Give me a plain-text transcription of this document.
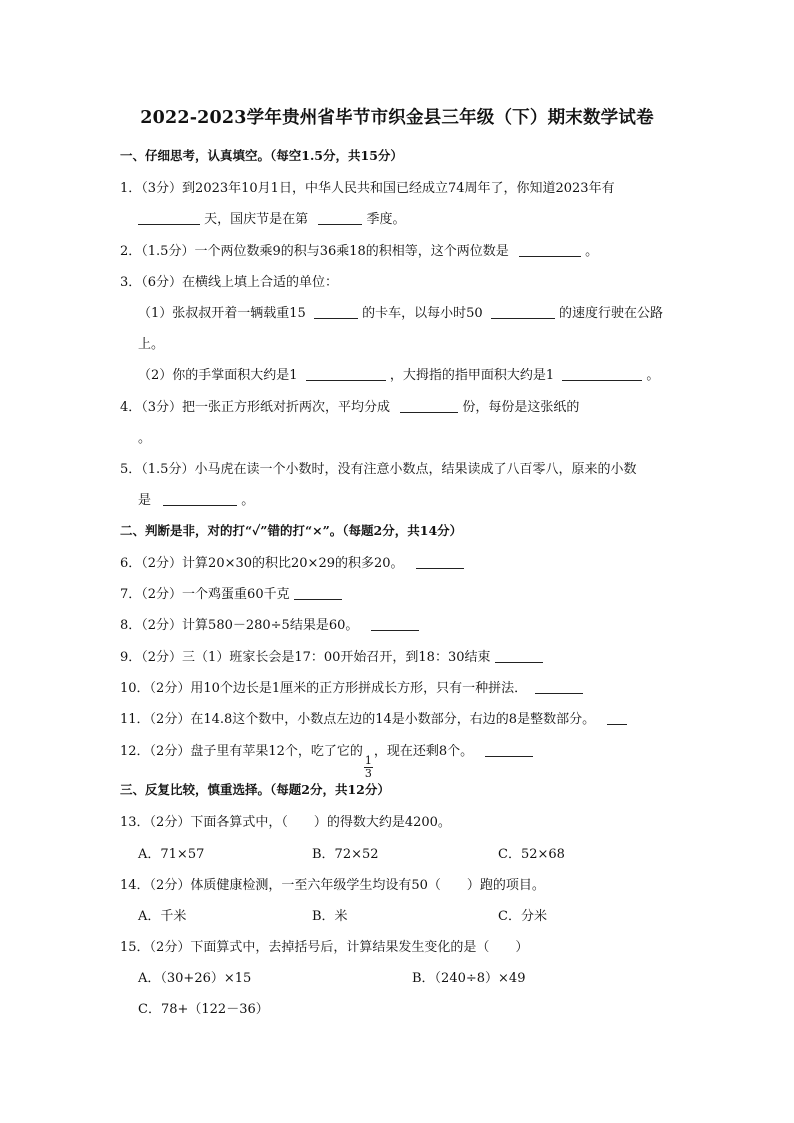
2022-2023学年贵州省毕节市织金县三年级（下）期末数学试卷
一、仔细思考，认真填空。（每空1.5分，共15分）
1．（3分）到2023年10月1日，中华人民共和国已经成立74周年了，你知道2023年有
天，国庆节是在第	季度。
2．（1.5分）一个两位数乘9的积与36乘18的积相等，这个两位数是	。
3．（6分）在横线上填上合适的单位：
（1）张叔叔开着一辆载重15	的卡车，以每小时50	的速度行驶在公路
上。
（2）你的手掌面积大约是1	，大拇指的指甲面积大约是1	。
4．（3分）把一张正方形纸对折两次，平均分成	份，每份是这张纸的
。
5．（1.5分）小马虎在读一个小数时，没有注意小数点，结果读成了八百零八，原来的小数
是	。
二、判断是非，对的打“✓”错的打“×”。（每题2分，共14分）
6．（2分）计算20×30的积比20×29的积多20。
7．（2分）一个鸡蛋重60千克
8．（2分）计算580－280÷5结果是60。
9．（2分）三（1）班家长会是17：00开始召开，到18：30结束
10．（2分）用10个边长是1厘米的正方形拼成长方形，只有一种拼法．
11．（2分）在14.8这个数中，小数点左边的14是小数部分，右边的8是整数部分。
12．（2分）盘子里有苹果12个，吃了它的
$\frac{1}{3}$
，现在还剩8个。
三、反复比较，慎重选择。（每题2分，共12分）
13．（2分）下面各算式中，（　　）的得数大约是4200。
A．71×57	B．72×52	C．52×68
14．（2分）体质健康检测，一至六年级学生均设有50（　　）跑的项目。
A．千米	B．米	C．分米
15．（2分）下面算式中，去掉括号后，计算结果发生变化的是（　　）
A．（30+26）×15	B．（240÷8）×49
C．78+（122－36）
